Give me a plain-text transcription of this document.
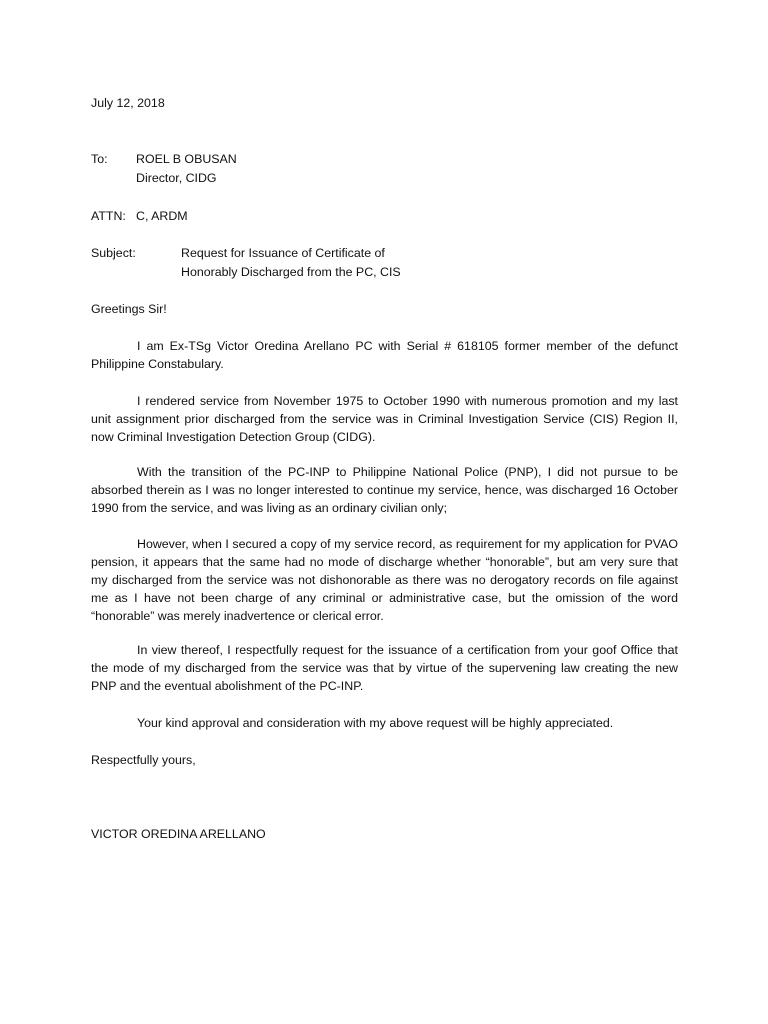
July 12, 2018

To: ROEL B OBUSAN

Director, CIDG

ATTN: C, ARDM

Subject:	Request for Issuance of Certificate of

Honorably Discharged from the PC, CIS

Greetings Sir!

I am Ex-TSg Victor Oredina Arellano PC with Serial # 618105 former member of the defunct Philippine Constabulary.

I rendered service from November 1975 to October 1990 with numerous promotion and my last unit assignment prior discharged from the service was in Criminal Investigation Service (CIS) Region II, now Criminal Investigation Detection Group (CIDG).

With the transition of the PC-INP to Philippine National Police (PNP), I did not pursue to be absorbed therein as I was no longer interested to continue my service, hence, was discharged 16 October 1990 from the service, and was living as an ordinary civilian only;

However, when I secured a copy of my service record, as requirement for my application for PVAO pension, it appears that the same had no mode of discharge whether “honorable”, but am very sure that my discharged from the service was not dishonorable as there was no derogatory records on file against me as I have not been charge of any criminal or administrative case, but the omission of the word “honorable” was merely inadvertence or clerical error.

In view thereof, I respectfully request for the issuance of a certification from your goof Office that the mode of my discharged from the service was that by virtue of the supervening law creating the new PNP and the eventual abolishment of the PC-INP.

Your kind approval and consideration with my above request will be highly appreciated.

Respectfully yours,

VICTOR OREDINA ARELLANO
